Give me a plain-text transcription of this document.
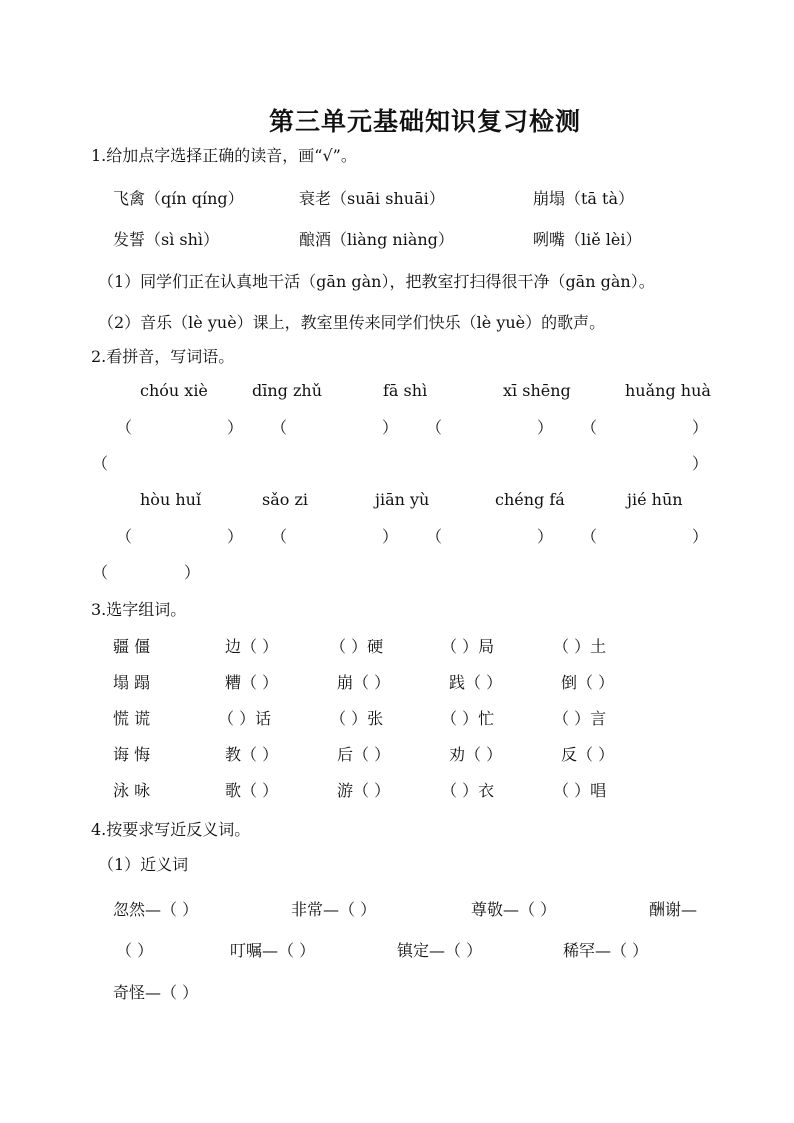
第三单元基础知识复习检测
1.给加点字选择正确的读音，画“√”。
飞禽（qín qíng）	衰老（suāi shuāi）	崩塌（tā tà）
发誓（sì shì）	酿酒（liàng niàng）	咧嘴（liě lèi）
（1）同学们正在认真地干活（gān gàn），把教室打扫得很干净（gān gàn）。
（2）音乐（lè yuè）课上，教室里传来同学们快乐（lè yuè）的歌声。
2.看拼音，写词语。
chóu xiè	dīng zhǔ	fā shì	xī shēng	huǎng huà
（	） （	） （	） （	）
（	）
hòu huǐ	sǎo zi	jiān yù	chéng fá	jié hūn
（	） （	） （	） （	）
（	）
3.选字组词。
疆 僵	边（ ）	（ ）硬	（ ）局	（ ）土
塌 蹋	糟（ ）	崩（ ）	践（ ）	倒（ ）
慌 谎	（ ）话	（ ）张	（ ）忙	（ ）言
诲 悔	教（ ）	后（ ）	劝（ ）	反（ ）
泳 咏	歌（ ）	游（ ）	（ ）衣	（ ）唱
4.按要求写近反义词。
（1）近义词
忽然—（ ）	非常—（ ）	尊敬—（ ）	酬谢—
（ ）	叮嘱—（ ）	镇定—（ ）	稀罕—（ ）
奇怪—（ ）
